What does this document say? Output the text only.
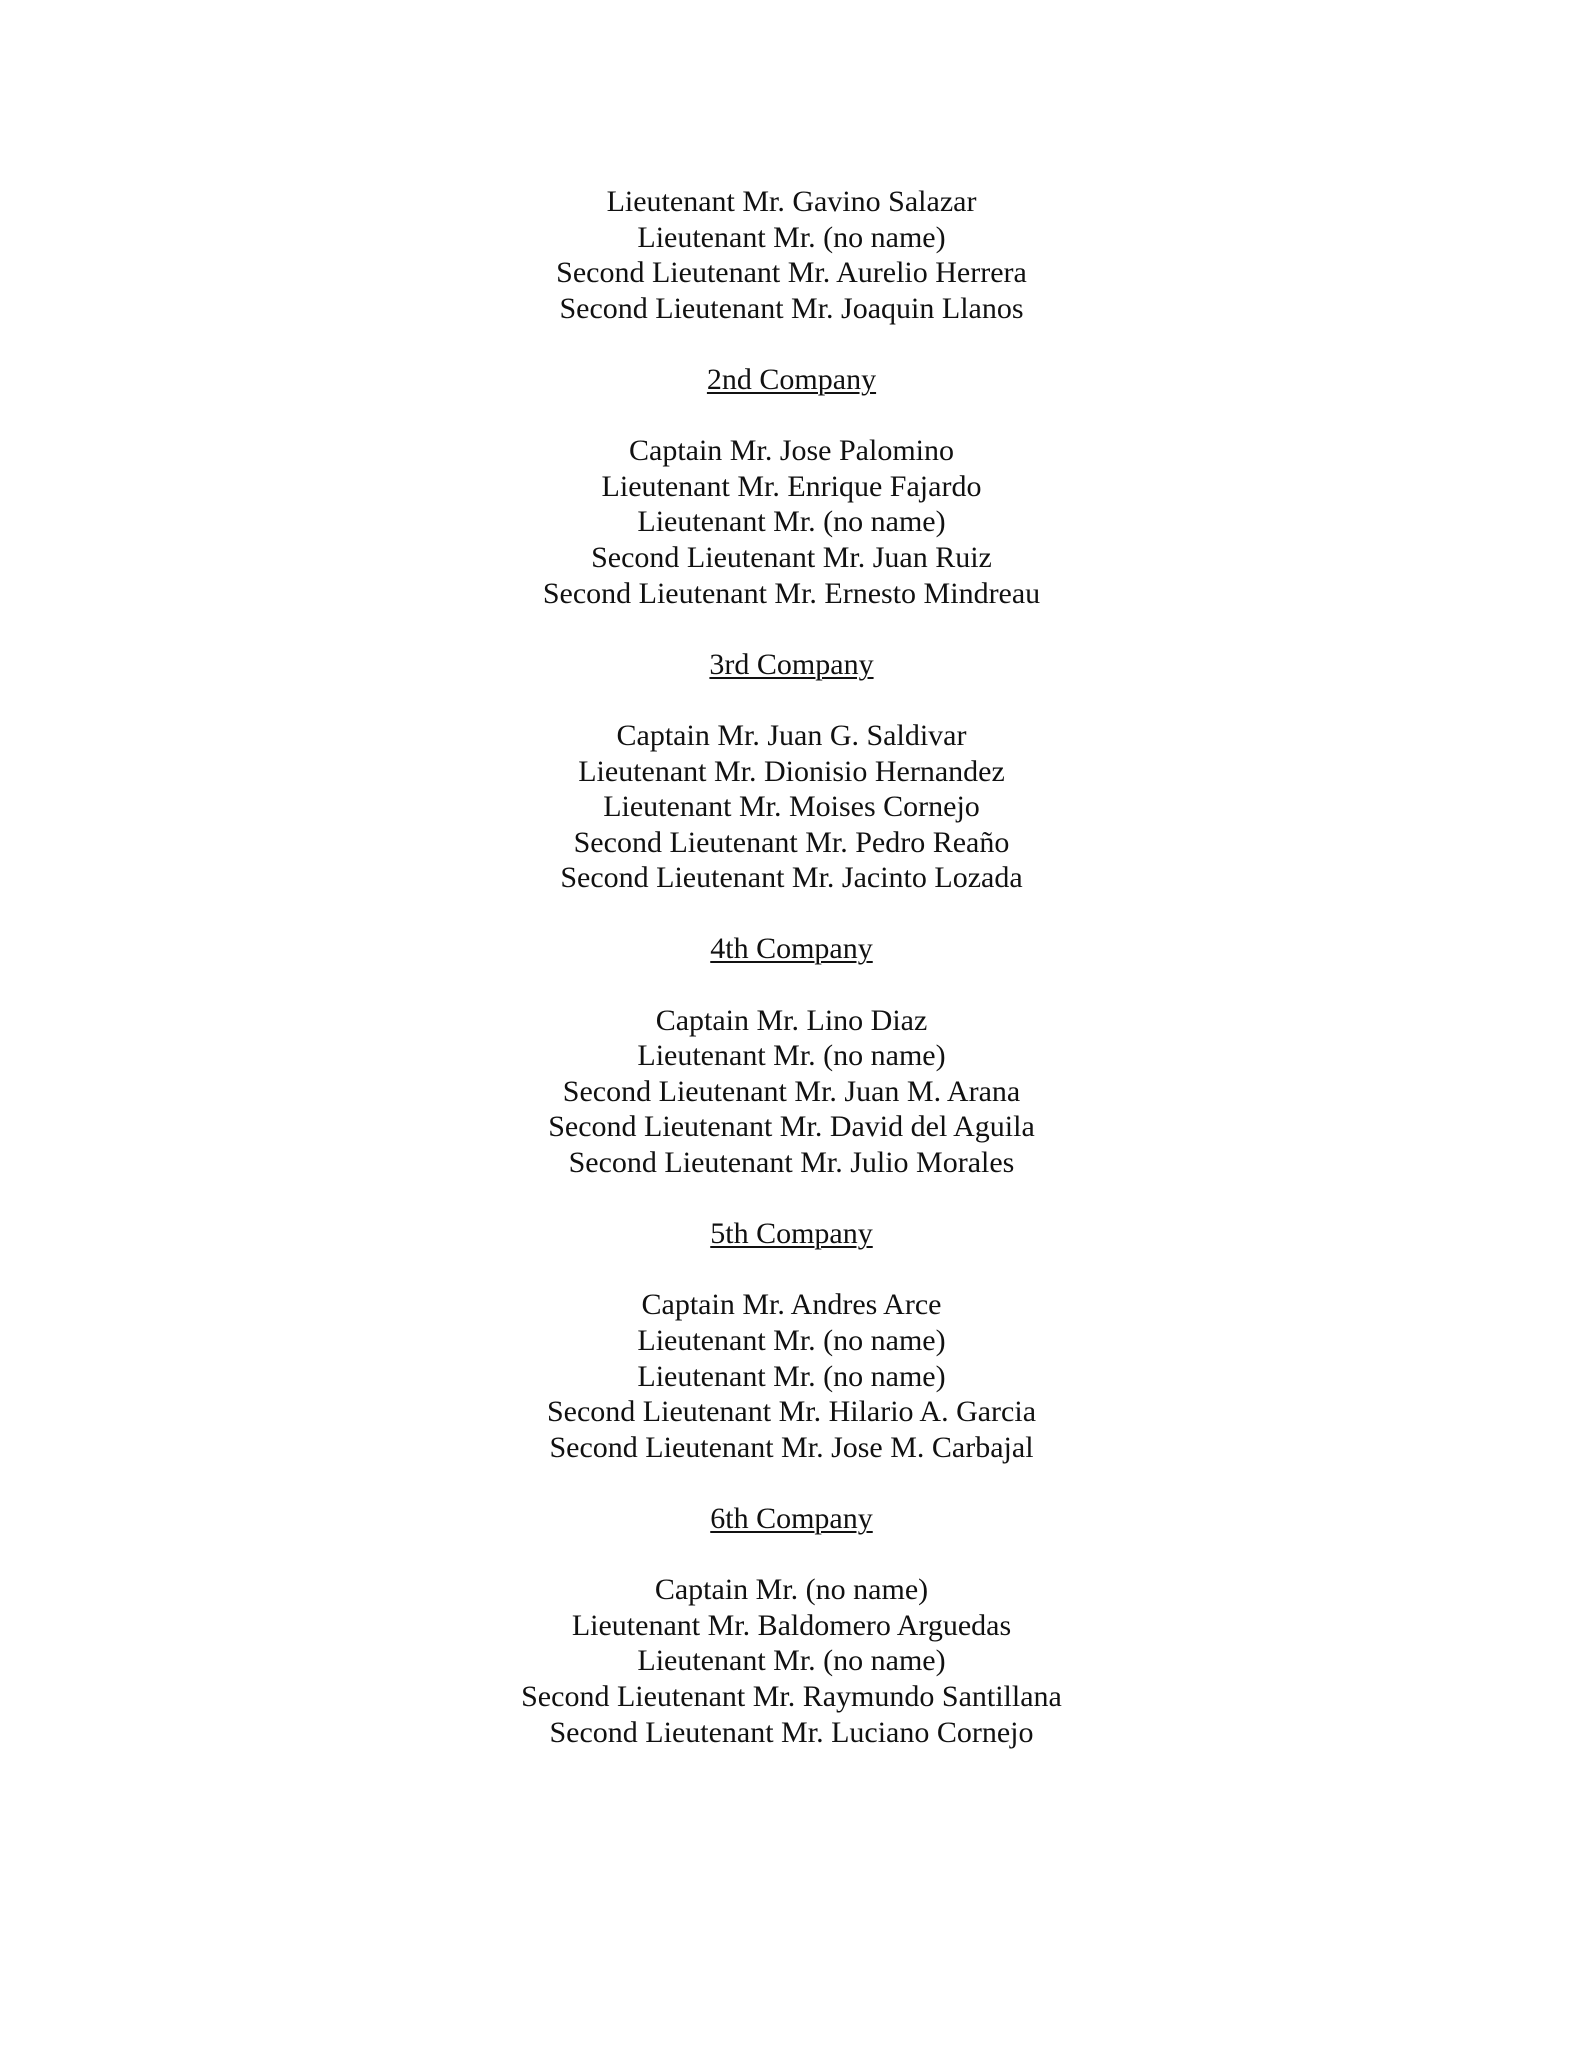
Lieutenant Mr. Gavino Salazar
Lieutenant Mr. (no name)
Second Lieutenant Mr. Aurelio Herrera
Second Lieutenant Mr. Joaquin Llanos
2nd Company
Captain Mr. Jose Palomino
Lieutenant Mr. Enrique Fajardo
Lieutenant Mr. (no name)
Second Lieutenant Mr. Juan Ruiz
Second Lieutenant Mr. Ernesto Mindreau
3rd Company
Captain Mr. Juan G. Saldivar
Lieutenant Mr. Dionisio Hernandez
Lieutenant Mr. Moises Cornejo
Second Lieutenant Mr. Pedro Reaño
Second Lieutenant Mr. Jacinto Lozada
4th Company
Captain Mr. Lino Diaz
Lieutenant Mr. (no name)
Second Lieutenant Mr. Juan M. Arana
Second Lieutenant Mr. David del Aguila
Second Lieutenant Mr. Julio Morales
5th Company
Captain Mr. Andres Arce
Lieutenant Mr. (no name)
Lieutenant Mr. (no name)
Second Lieutenant Mr. Hilario A. Garcia
Second Lieutenant Mr. Jose M. Carbajal
6th Company
Captain Mr. (no name)
Lieutenant Mr. Baldomero Arguedas
Lieutenant Mr. (no name)
Second Lieutenant Mr. Raymundo Santillana
Second Lieutenant Mr. Luciano Cornejo
